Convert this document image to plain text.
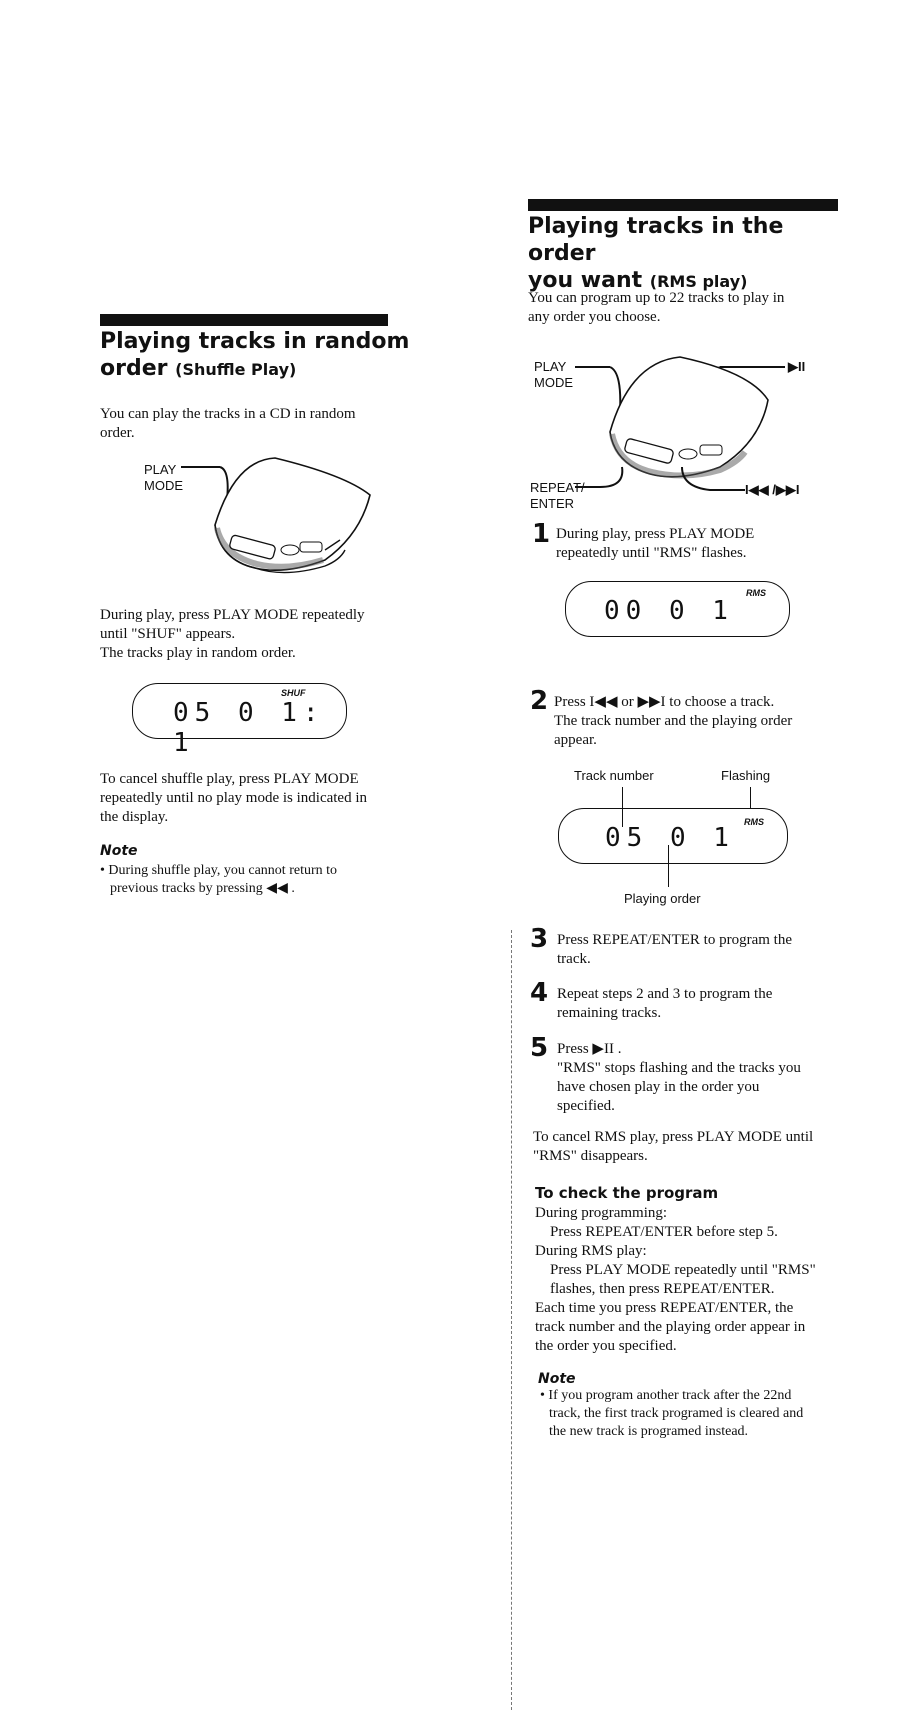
Playing tracks in random
order (Shuffle Play)
You can play the tracks in a CD in random order.
PLAY
MODE
During play, press PLAY MODE repeatedly
until "SHUF" appears.
The tracks play in random order.
05 0 1: 1
SHUF
To cancel shuffle play, press PLAY MODE
repeatedly until no play mode is indicated in
the display.
Note
• During shuffle play, you cannot return to
previous tracks by pressing ◀◀ .
Playing tracks in the order
you want (RMS play)
You can program up to 22 tracks to play in
any order you choose.
PLAY
MODE
▶II
REPEAT/
ENTER
I◀◀ /▶▶I
1 During play, press PLAY MODE
repeatedly until "RMS" flashes.
00 0 1
RMS
2 Press I◀◀ or ▶▶I to choose a track.
The track number and the playing order
appear.
Track number	Flashing
05 0 1
RMS
Playing order
3 Press REPEAT/ENTER to program the
track.
4 Repeat steps 2 and 3 to program the
remaining tracks.
5 Press ▶II .
"RMS" stops flashing and the tracks you
have chosen play in the order you
specified.
To cancel RMS play, press PLAY MODE until
"RMS" disappears.
To check the program
During programming:
Press REPEAT/ENTER before step 5.
During RMS play:
Press PLAY MODE repeatedly until "RMS"
flashes, then press REPEAT/ENTER.
Each time you press REPEAT/ENTER, the
track number and the playing order appear in
the order you specified.
Note
• If you program another track after the 22nd
track, the first track programed is cleared and
the new track is programed instead.
